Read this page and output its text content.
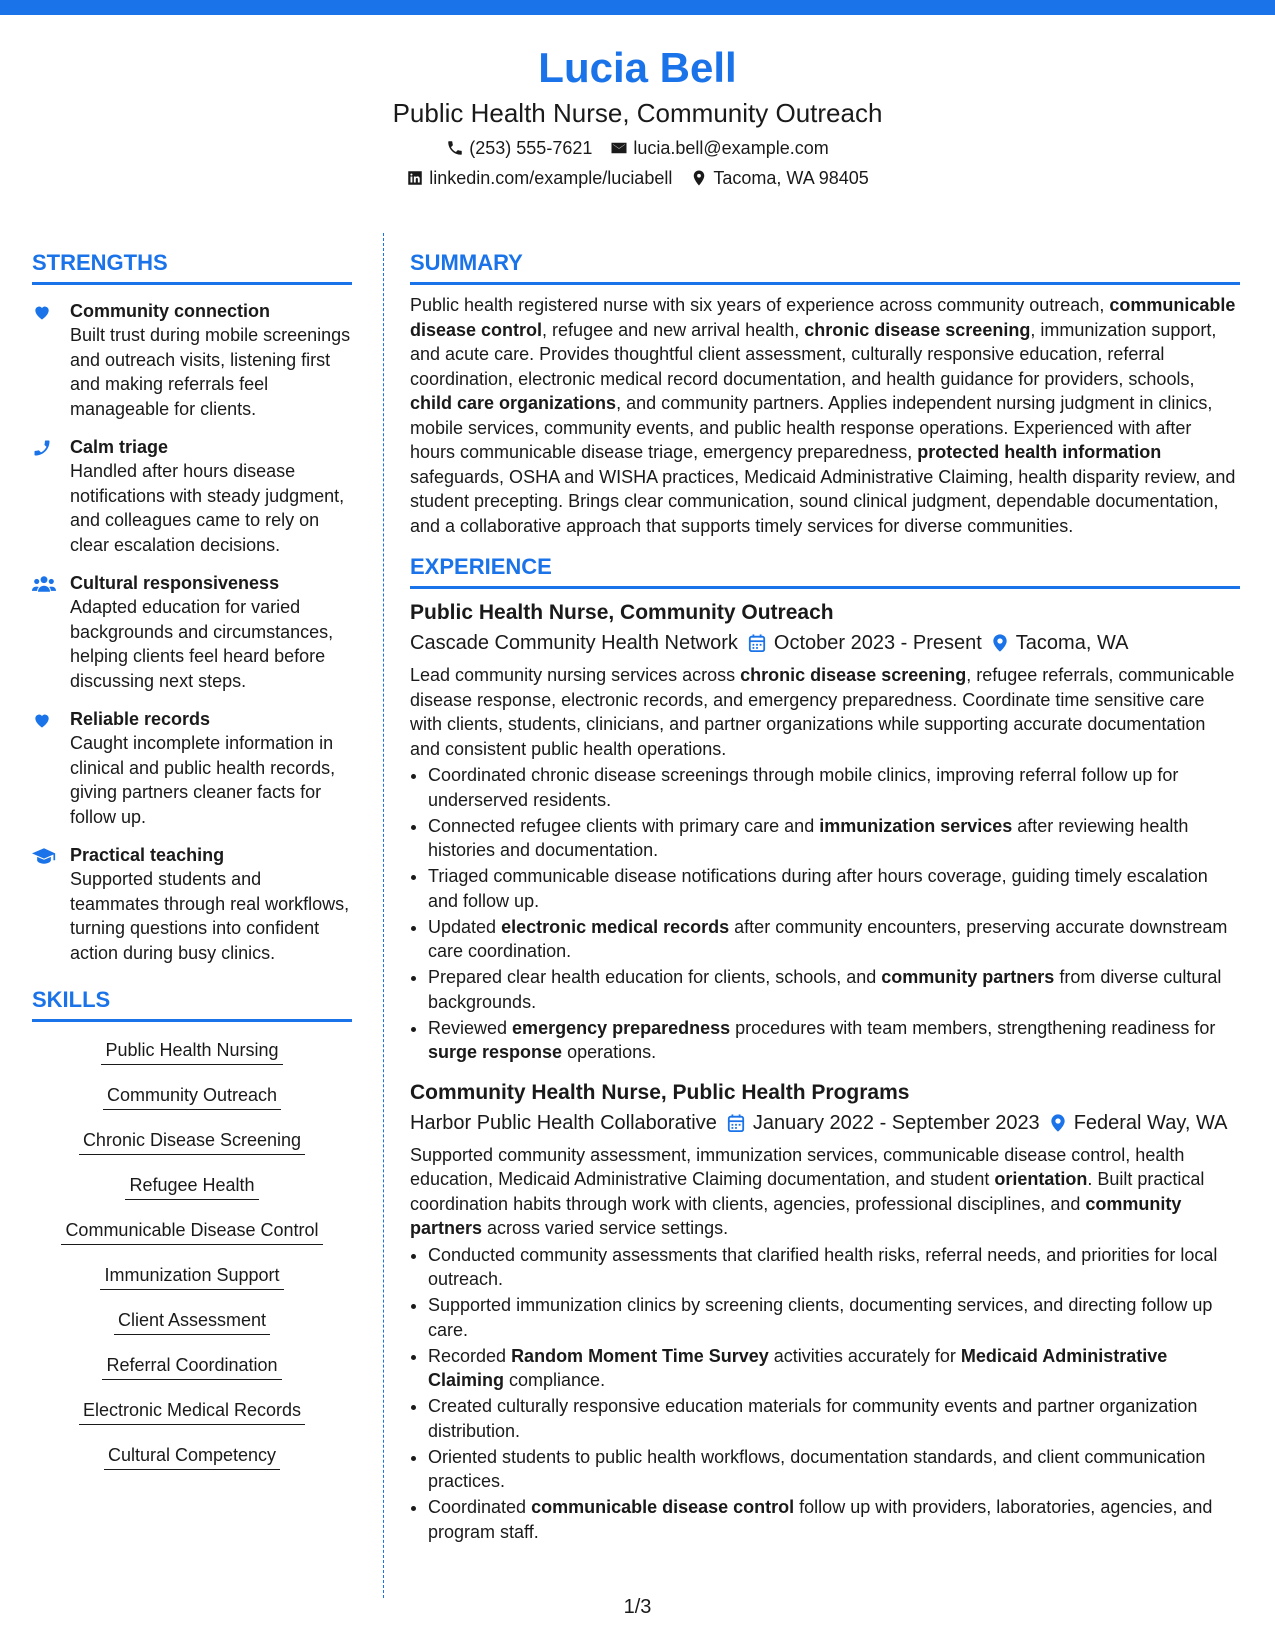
Lucia Bell
Public Health Nurse, Community Outreach
(253) 555-7621 lucia.bell@example.com
linkedin.com/example/luciabell Tacoma, WA 98405
STRENGTHS
Community connection
Built trust during mobile screenings and outreach visits, listening first and making referrals feel manageable for clients.
Calm triage
Handled after hours disease notifications with steady judgment, and colleagues came to rely on clear escalation decisions.
Cultural responsiveness
Adapted education for varied backgrounds and circumstances, helping clients feel heard before discussing next steps.
Reliable records
Caught incomplete information in clinical and public health records, giving partners cleaner facts for follow up.
Practical teaching
Supported students and teammates through real workflows, turning questions into confident action during busy clinics.
SKILLS
Public Health Nursing
Community Outreach
Chronic Disease Screening
Refugee Health
Communicable Disease Control
Immunization Support
Client Assessment
Referral Coordination
Electronic Medical Records
Cultural Competency
SUMMARY
Public health registered nurse with six years of experience across community outreach, communicable disease control, refugee and new arrival health, chronic disease screening, immunization support, and acute care. Provides thoughtful client assessment, culturally responsive education, referral coordination, electronic medical record documentation, and health guidance for providers, schools, child care organizations, and community partners. Applies independent nursing judgment in clinics, mobile services, community events, and public health response operations. Experienced with after hours communicable disease triage, emergency preparedness, protected health information safeguards, OSHA and WISHA practices, Medicaid Administrative Claiming, health disparity review, and student precepting. Brings clear communication, sound clinical judgment, dependable documentation, and a collaborative approach that supports timely services for diverse communities.
EXPERIENCE
Public Health Nurse, Community Outreach
Cascade Community Health Network October 2023 - Present Tacoma, WA
Lead community nursing services across chronic disease screening, refugee referrals, communicable disease response, electronic records, and emergency preparedness. Coordinate time sensitive care with clients, students, clinicians, and partner organizations while supporting accurate documentation and consistent public health operations.
• Coordinated chronic disease screenings through mobile clinics, improving referral follow up for underserved residents.
• Connected refugee clients with primary care and immunization services after reviewing health histories and documentation.
• Triaged communicable disease notifications during after hours coverage, guiding timely escalation and follow up.
• Updated electronic medical records after community encounters, preserving accurate downstream care coordination.
• Prepared clear health education for clients, schools, and community partners from diverse cultural backgrounds.
• Reviewed emergency preparedness procedures with team members, strengthening readiness for surge response operations.
Community Health Nurse, Public Health Programs
Harbor Public Health Collaborative January 2022 - September 2023 Federal Way, WA
Supported community assessment, immunization services, communicable disease control, health education, Medicaid Administrative Claiming documentation, and student orientation. Built practical coordination habits through work with clients, agencies, professional disciplines, and community partners across varied service settings.
• Conducted community assessments that clarified health risks, referral needs, and priorities for local outreach.
• Supported immunization clinics by screening clients, documenting services, and directing follow up care.
• Recorded Random Moment Time Survey activities accurately for Medicaid Administrative Claiming compliance.
• Created culturally responsive education materials for community events and partner organization distribution.
• Oriented students to public health workflows, documentation standards, and client communication practices.
• Coordinated communicable disease control follow up with providers, laboratories, agencies, and program staff.
1/3
